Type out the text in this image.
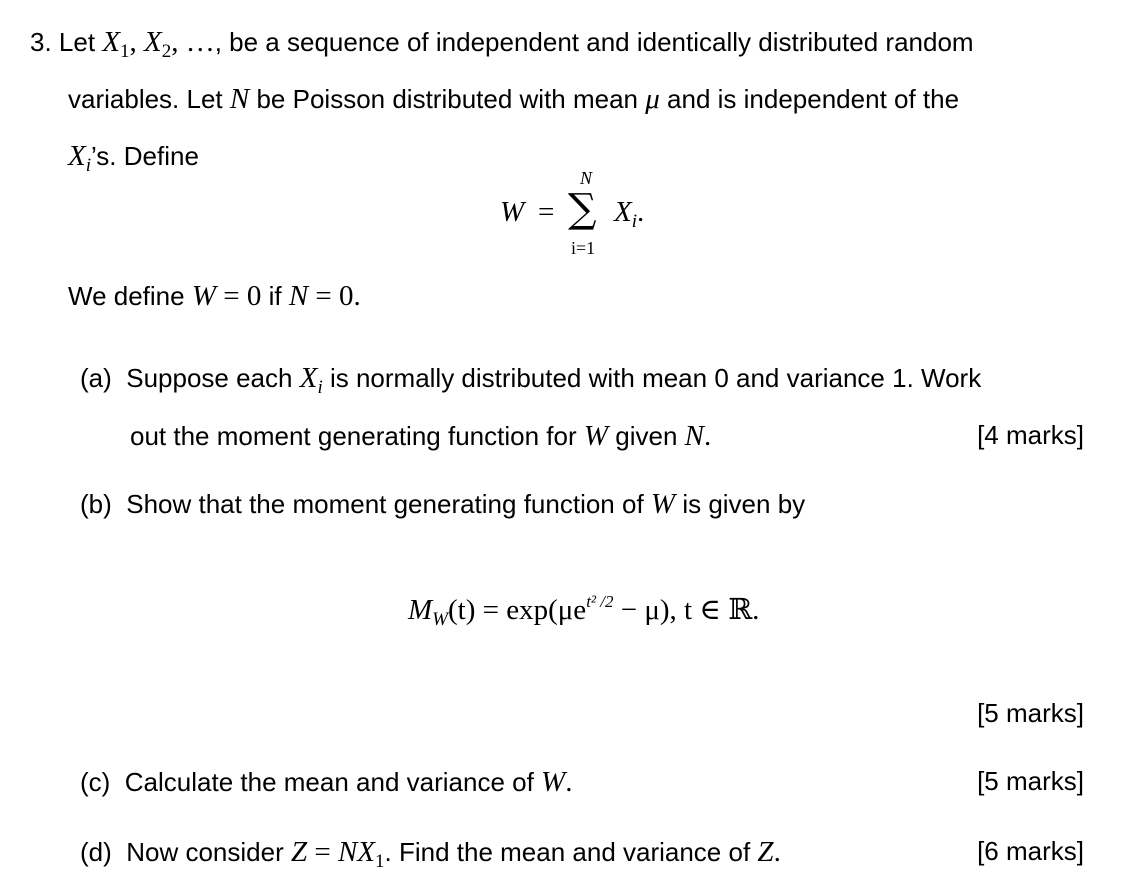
3. Let $X_1$, $X_2$, …, be a sequence of independent and identically distributed random
variables. Let N be Poisson distributed with mean μ and is independent of the
$X_i’s$. Define
W =
N
∑
i=1
$X_i$.
We define W = 0 if N = 0.
(a) Suppose each $X_i$ is normally distributed with mean 0 and variance 1. Work
out the moment generating function for W given N.	[4 marks]
(b) Show that the moment generating function of W is given by
$M_W(t) = \exp(\mu e^{t^2 /2} - \mu)$, t ∈ ℝ.
[5 marks]
(c) Calculate the mean and variance of W.	[5 marks]
(d) Now consider $Z = NX_1$. Find the mean and variance of Z.	[6 marks]
